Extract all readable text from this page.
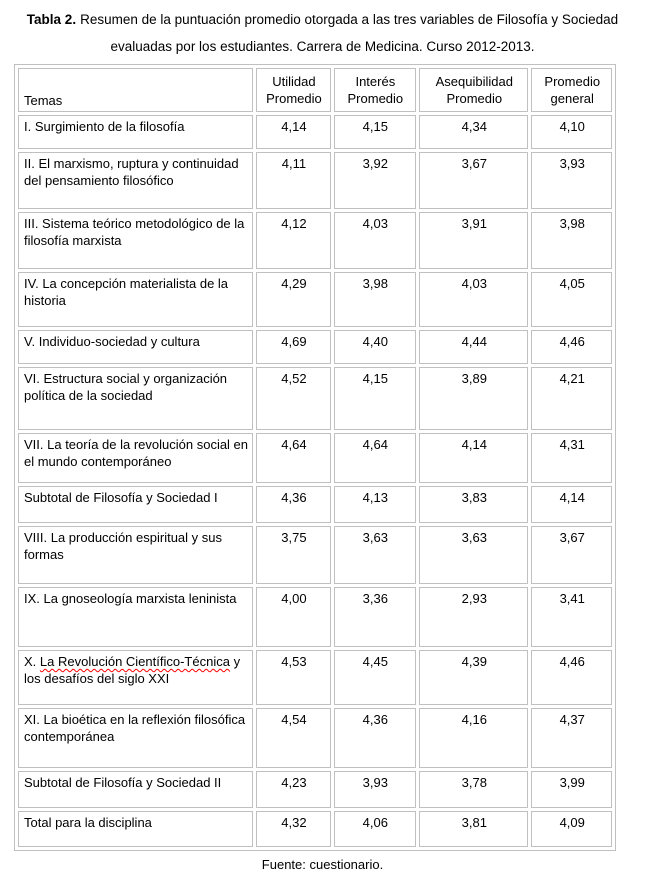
Tabla 2. Resumen de la puntuación promedio otorgada a las tres variables de Filosofía y Sociedad evaluadas por los estudiantes. Carrera de Medicina. Curso 2012-2013.

Temas	Utilidad Promedio	Interés Promedio	Asequibilidad Promedio	Promedio general
I. Surgimiento de la filosofía	4,14	4,15	4,34	4,10
II. El marxismo, ruptura y continuidad del pensamiento filosófico	4,11	3,92	3,67	3,93
III. Sistema teórico metodológico de la filosofía marxista	4,12	4,03	3,91	3,98
IV. La concepción materialista de la historia	4,29	3,98	4,03	4,05
V. Individuo-sociedad y cultura	4,69	4,40	4,44	4,46
VI. Estructura social y organización política de la sociedad	4,52	4,15	3,89	4,21
VII. La teoría de la revolución social en el mundo contemporáneo	4,64	4,64	4,14	4,31
Subtotal de Filosofía y Sociedad I	4,36	4,13	3,83	4,14
VIII. La producción espiritual y sus formas	3,75	3,63	3,63	3,67
IX. La gnoseología marxista leninista	4,00	3,36	2,93	3,41
X. La Revolución Científico-Técnica y los desafíos del siglo XXI	4,53	4,45	4,39	4,46
XI. La bioética en la reflexión filosófica contemporánea	4,54	4,36	4,16	4,37
Subtotal de Filosofía y Sociedad II	4,23	3,93	3,78	3,99
Total para la disciplina	4,32	4,06	3,81	4,09

Fuente: cuestionario.
